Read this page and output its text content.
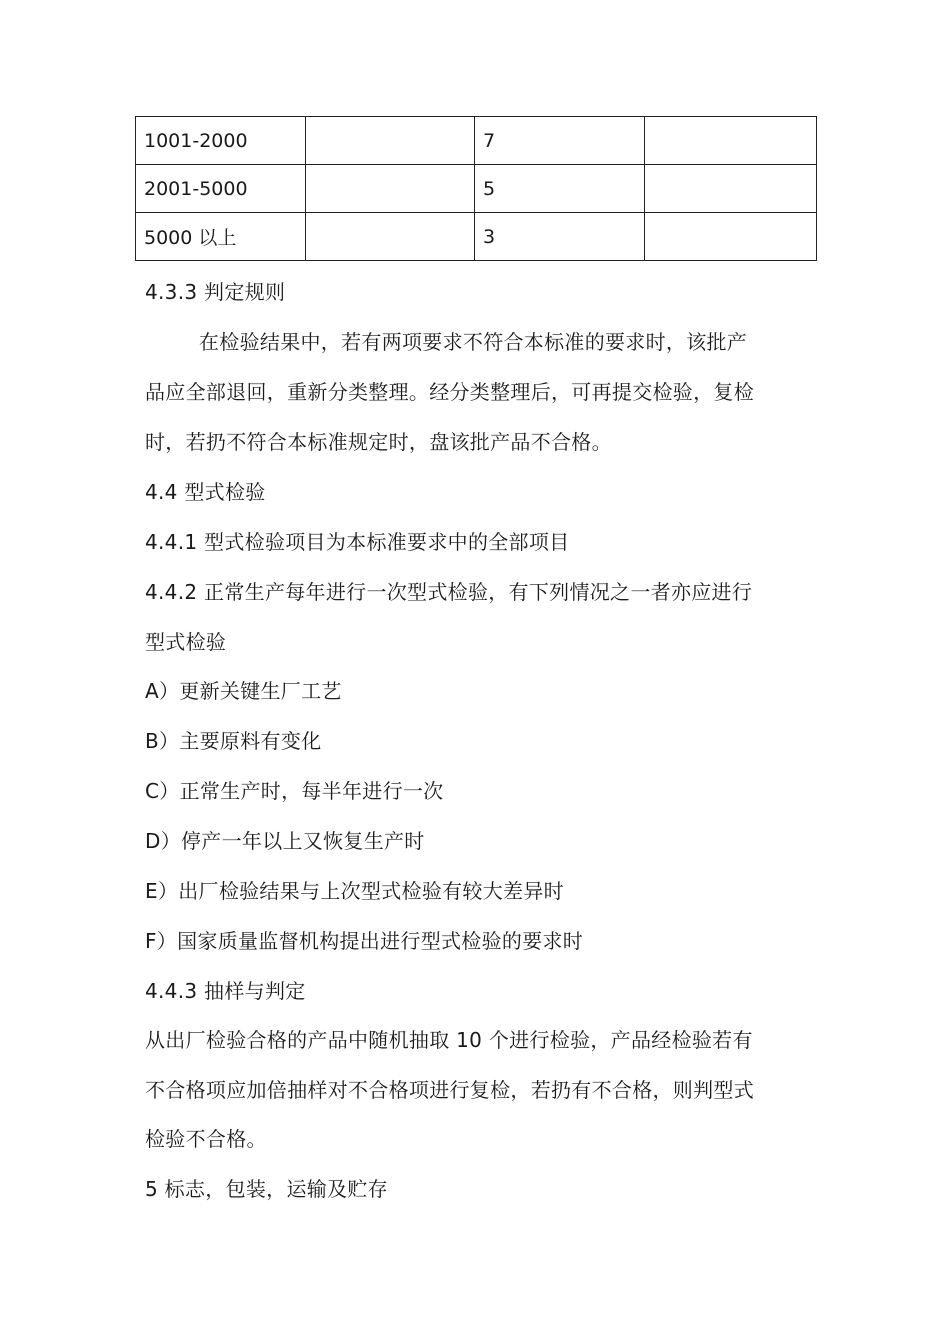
1001-2000		7	
2001-5000		5	
5000 以上		3	
4.3.3 判定规则
在检验结果中，若有两项要求不符合本标准的要求时，该批产
品应全部退回，重新分类整理。经分类整理后，可再提交检验，复检
时，若扔不符合本标准规定时，盘该批产品不合格。
4.4 型式检验
4.4.1 型式检验项目为本标准要求中的全部项目
4.4.2 正常生产每年进行一次型式检验，有下列情况之一者亦应进行
型式检验
A）更新关键生厂工艺
B）主要原料有变化
C）正常生产时，每半年进行一次
D）停产一年以上又恢复生产时
E）出厂检验结果与上次型式检验有较大差异时
F）国家质量监督机构提出进行型式检验的要求时
4.4.3 抽样与判定
从出厂检验合格的产品中随机抽取 10 个进行检验，产品经检验若有
不合格项应加倍抽样对不合格项进行复检，若扔有不合格，则判型式
检验不合格。
5 标志，包装，运输及贮存
